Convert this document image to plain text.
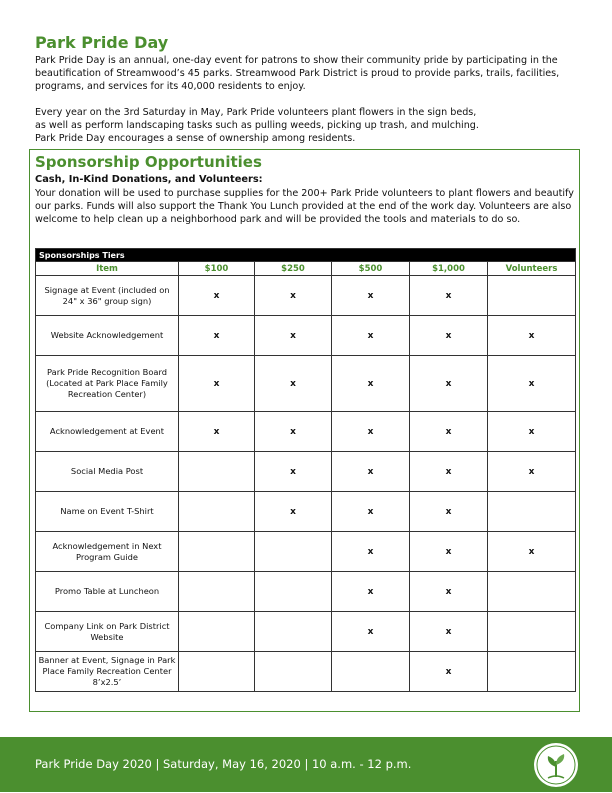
Park Pride Day

Park Pride Day is an annual, one-day event for patrons to show their community pride by participating in the beautification of Streamwood’s 45 parks. Streamwood Park District is proud to provide parks, trails, facilities, programs, and services for its 40,000 residents to enjoy.

Every year on the 3rd Saturday in May, Park Pride volunteers plant flowers in the sign beds,

as well as perform landscaping tasks such as pulling weeds, picking up trash, and mulching.

Park Pride Day encourages a sense of ownership among residents.

Sponsorship Opportunities
Cash, In-Kind Donations, and Volunteers:

Your donation will be used to purchase supplies for the 200+ Park Pride volunteers to plant flowers and beautify our parks. Funds will also support the Thank You Lunch provided at the end of the work day. Volunteers are also welcome to help clean up a neighborhood park and will be provided the tools and materials to do so.

Sponsorships Tiers					
Item	$100	$250	$500	$1,000	Volunteers
Signage at Event (included on 24" x 36" group sign)	x	x	x	x	
Website Acknowledgement	x	x	x	x	x
Park Pride Recognition Board (Located at Park Place Family Recreation Center)	x	x	x	x	x
Acknowledgement at Event	x	x	x	x	x
Social Media Post		x	x	x	x
Name on Event T-Shirt		x	x	x	
Acknowledgement in Next Program Guide			x	x	x
Promo Table at Luncheon			x	x	
Company Link on Park District Website			x	x	
Banner at Event, Signage in Park Place Family Recreation Center 8’x2.5’				x	
Park Pride Day 2020 | Saturday, May 16, 2020 | 10 a.m. - 12 p.m.
